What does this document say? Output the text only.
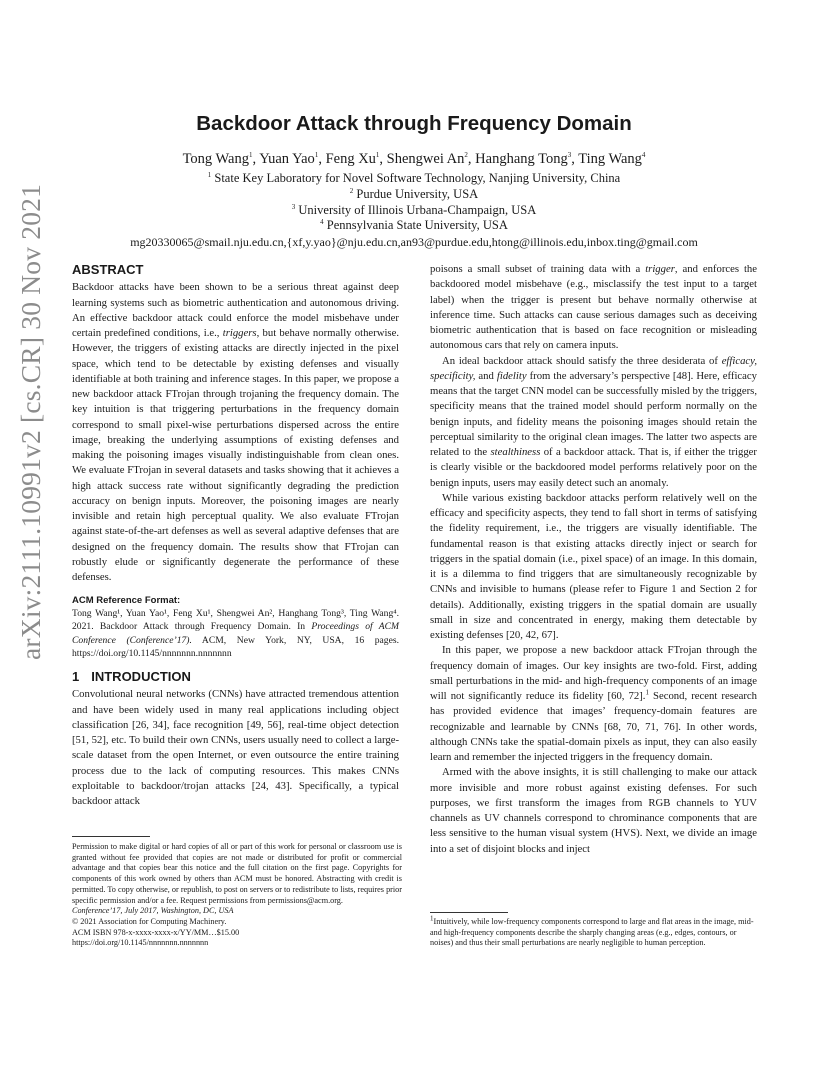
arXiv:2111.10991v2 [cs.CR] 30 Nov 2021
Backdoor Attack through Frequency Domain
Tong Wang$^1$, Yuan Yao$^1$, Feng Xu$^1$, Shengwei An$^2$, Hanghang Tong$^3$, Ting Wang$^4$
$^1$ State Key Laboratory for Novel Software Technology, Nanjing University, China
$^2$ Purdue University, USA
$^3$ University of Illinois Urbana-Champaign, USA
$^4$ Pennsylvania State University, USA
mg20330065@smail.nju.edu.cn,{xf,y.yao}@nju.edu.cn,an93@purdue.edu,htong@illinois.edu,inbox.ting@gmail.com
ABSTRACT

Backdoor attacks have been shown to be a serious threat against deep learning systems such as biometric authentication and autonomous driving. An effective backdoor attack could enforce the model misbehave under certain predefined conditions, i.e., triggers, but behave normally otherwise. However, the triggers of existing attacks are directly injected in the pixel space, which tend to be detectable by existing defenses and visually identifiable at both training and inference stages. In this paper, we propose a new backdoor attack FTrojan through trojaning the frequency domain. The key intuition is that triggering perturbations in the frequency domain correspond to small pixel-wise perturbations dispersed across the entire image, breaking the underlying assumptions of existing defenses and making the poisoning images visually indistinguishable from clean ones. We evaluate FTrojan in several datasets and tasks showing that it achieves a high attack success rate without significantly degrading the prediction accuracy on benign inputs. Moreover, the poisoning images are nearly invisible and retain high perceptual quality. We also evaluate FTrojan against state-of-the-art defenses as well as several adaptive defenses that are designed on the frequency domain. The results show that FTrojan can robustly elude or significantly degenerate the performance of these defenses.

ACM Reference Format:

Tong Wang¹, Yuan Yao¹, Feng Xu¹, Shengwei An², Hanghang Tong³, Ting Wang⁴. 2021. Backdoor Attack through Frequency Domain. In Proceedings of ACM Conference (Conference’17). ACM, New York, NY, USA, 16 pages. https://doi.org/10.1145/nnnnnnn.nnnnnnn

1 INTRODUCTION

Convolutional neural networks (CNNs) have attracted tremendous attention and have been widely used in many real applications including object classification [26, 34], face recognition [49, 56], real-time object detection [51, 52], etc. To build their own CNNs, users usually need to collect a large-scale dataset from the open Internet, or even outsource the entire training process due to the lack of computing resources. This makes CNNs exploitable to backdoor/trojan attacks [24, 43]. Specifically, a typical backdoor attack

Permission to make digital or hard copies of all or part of this work for personal or classroom use is granted without fee provided that copies are not made or distributed for profit or commercial advantage and that copies bear this notice and the full citation on the first page. Copyrights for components of this work owned by others than ACM must be honored. Abstracting with credit is permitted. To copy otherwise, or republish, to post on servers or to redistribute to lists, requires prior specific permission and/or a fee. Request permissions from permissions@acm.org.

Conference’17, July 2017, Washington, DC, USA

© 2021 Association for Computing Machinery.

ACM ISBN 978-x-xxxx-xxxx-x/YY/MM…$15.00

https://doi.org/10.1145/nnnnnnn.nnnnnnn

poisons a small subset of training data with a trigger, and enforces the backdoored model misbehave (e.g., misclassify the test input to a target label) when the trigger is present but behave normally otherwise at inference time. Such attacks can cause serious damages such as deceiving biometric authentication that is based on face recognition or misleading autonomous cars that rely on camera inputs.

An ideal backdoor attack should satisfy the three desiderata of efficacy, specificity, and fidelity from the adversary’s perspective [48]. Here, efficacy means that the target CNN model can be successfully misled by the triggers, specificity means that the trained model should perform normally on the benign inputs, and fidelity means the poisoning images should retain the perceptual similarity to the original clean images. The latter two aspects are related to the stealthiness of a backdoor attack. That is, if either the trigger is clearly visible or the backdoored model performs relatively poor on the benign inputs, users may easily detect such an anomaly.

While various existing backdoor attacks perform relatively well on the efficacy and specificity aspects, they tend to fall short in terms of satisfying the fidelity requirement, i.e., the triggers are visually identifiable. The fundamental reason is that existing attacks directly inject or search for triggers in the spatial domain (i.e., pixel space) of an image. In this domain, it is a dilemma to find triggers that are simultaneously recognizable by CNNs and invisible to humans (please refer to Figure 1 and Section 2 for details). Additionally, existing triggers in the spatial domain are usually small in size and concentrated in energy, making them detectable by existing defenses [20, 42, 67].

In this paper, we propose a new backdoor attack FTrojan through the frequency domain of images. Our key insights are two-fold. First, adding small perturbations in the mid- and high-frequency components of an image will not significantly reduce its fidelity [60, 72].$^1$ Second, recent research has provided evidence that images’ frequency-domain features are recognizable and learnable by CNNs [68, 70, 71, 76]. In other words, although CNNs take the spatial-domain pixels as input, they can also easily learn and remember the injected triggers in the frequency domain.

Armed with the above insights, it is still challenging to make our attack more invisible and more robust against existing defenses. For such purposes, we first transform the images from RGB channels to YUV channels as UV channels correspond to chrominance components that are less sensitive to the human visual system (HVS). Next, we divide an image into a set of disjoint blocks and inject

$^1$Intuitively, while low-frequency components correspond to large and flat areas in the image, mid- and high-frequency components describe the sharply changing areas (e.g., edges, contours, or noises) and thus their small perturbations are nearly negligible to human perception.
